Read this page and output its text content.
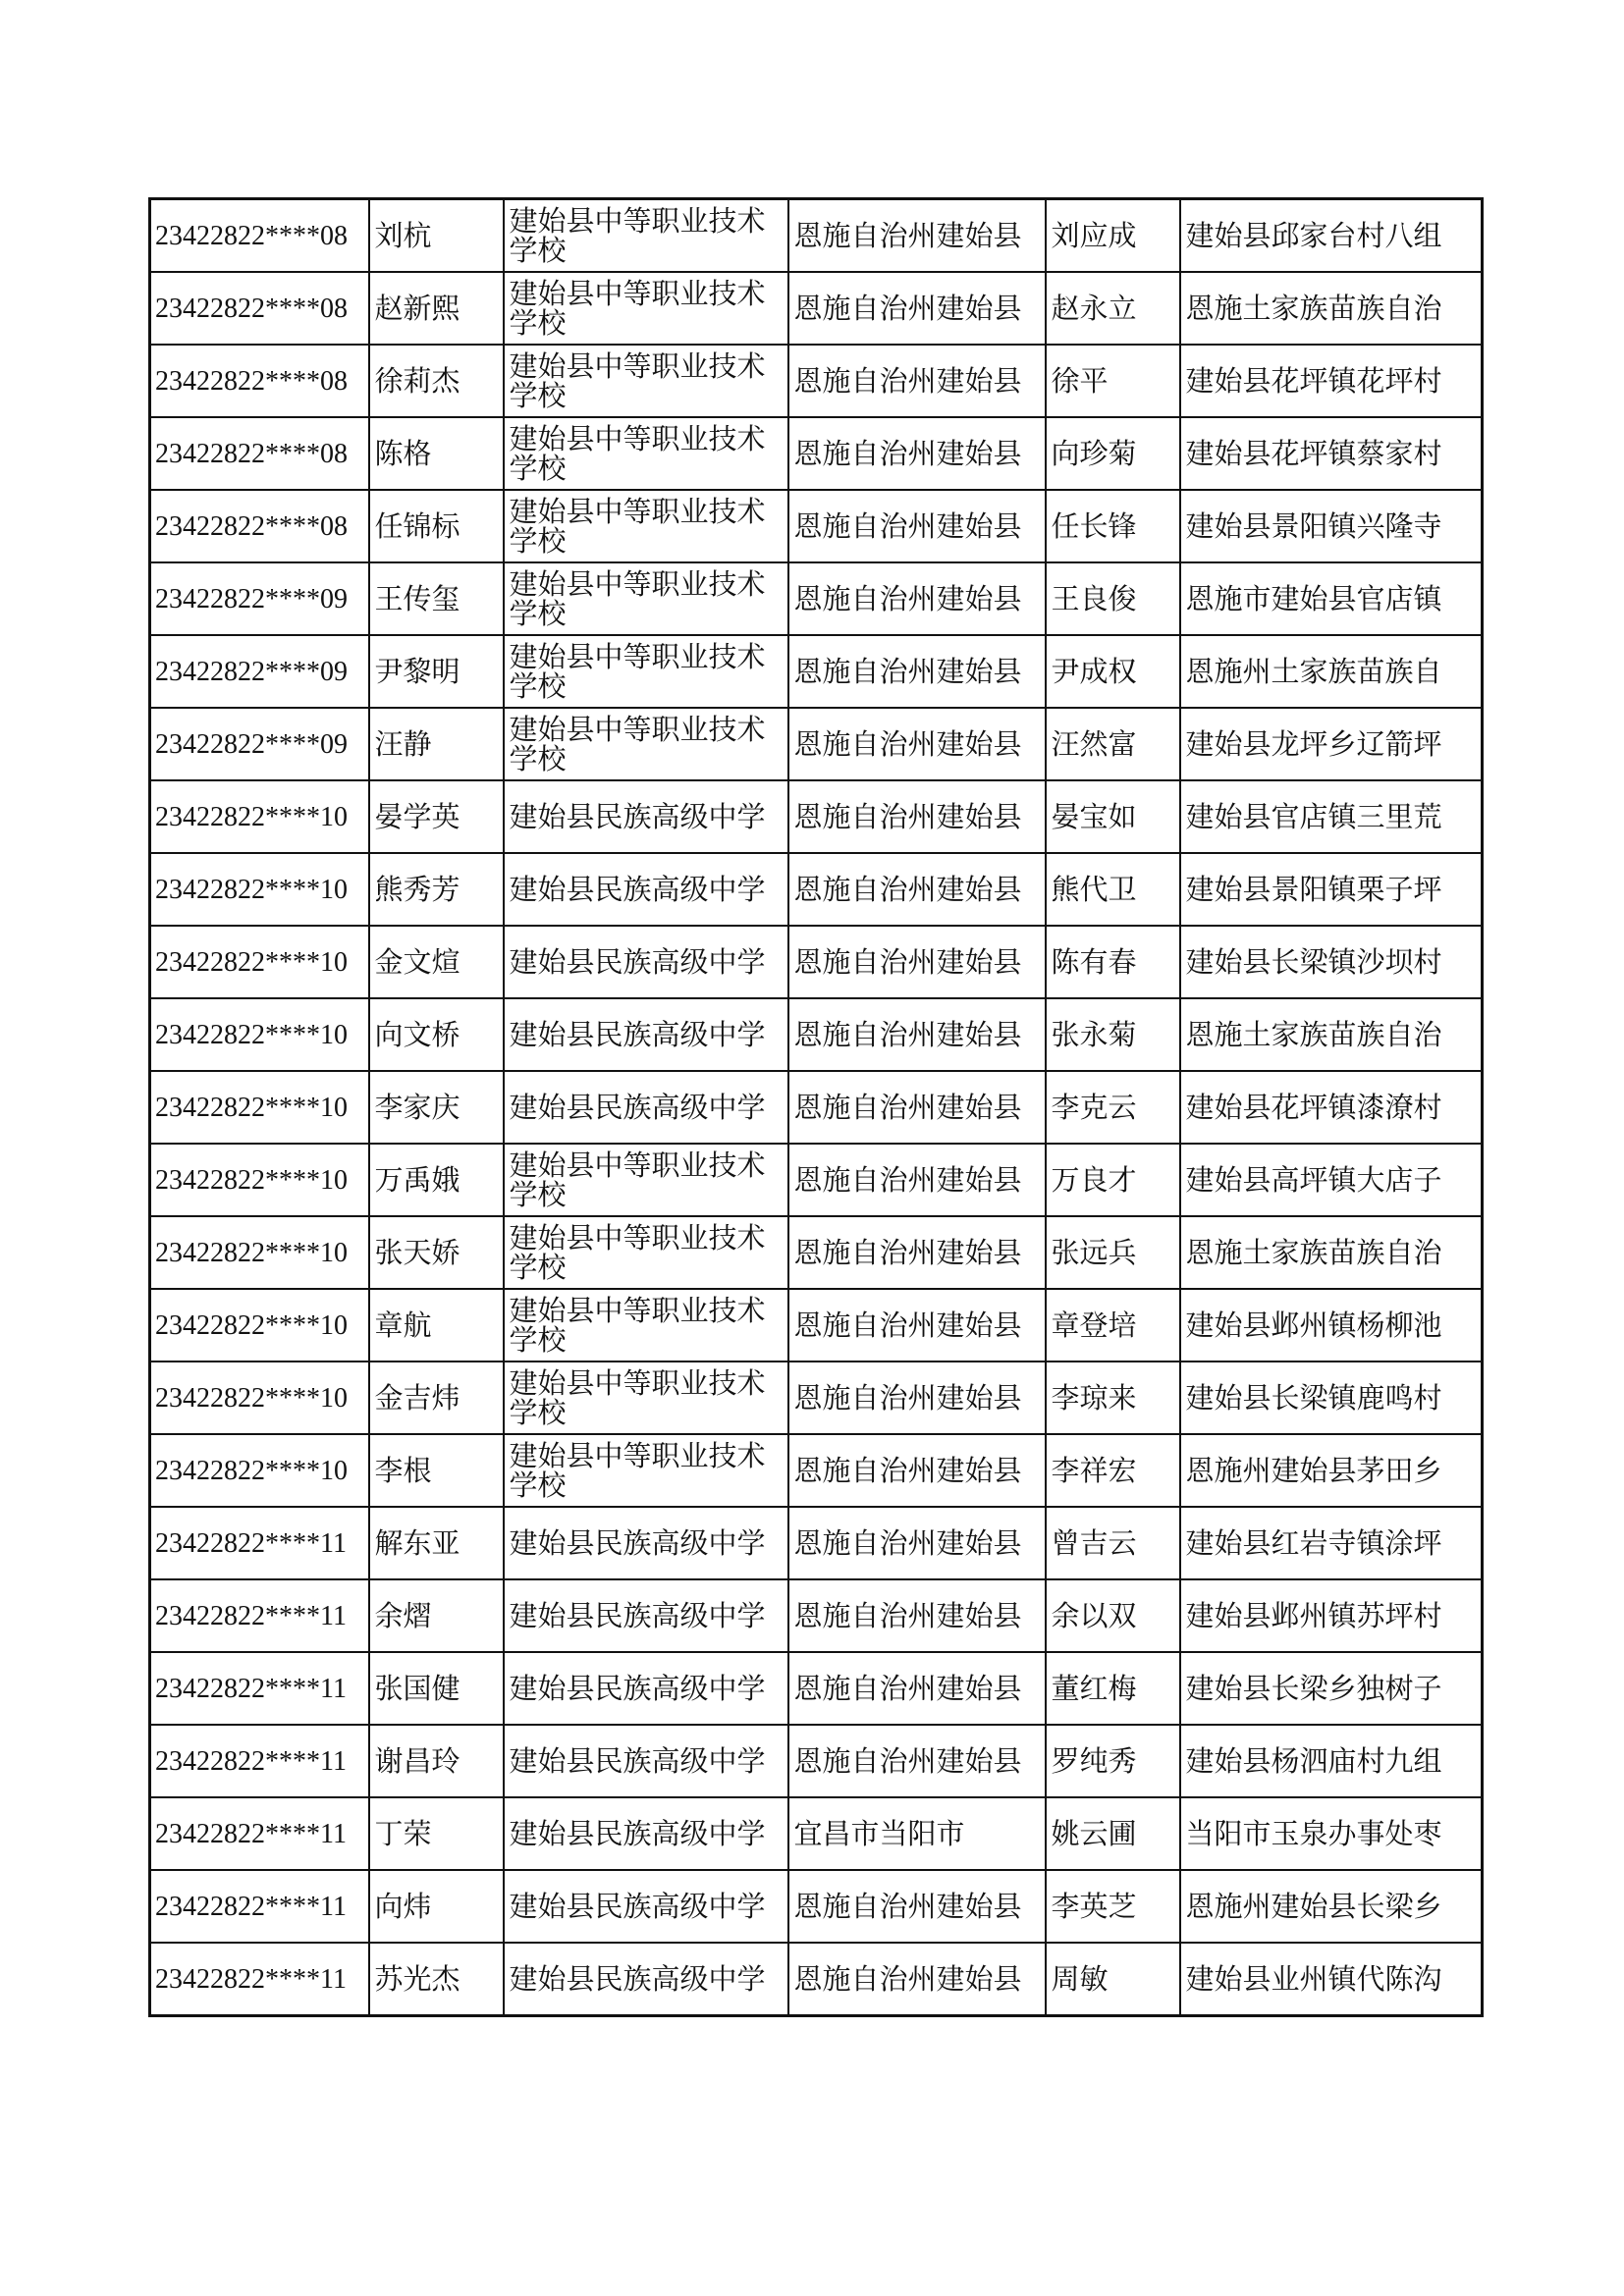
23422822****08	刘杭	建始县中等职业技术学校	恩施自治州建始县	刘应成	建始县邱家台村八组
23422822****08	赵新熙	建始县中等职业技术学校	恩施自治州建始县	赵永立	恩施土家族苗族自治
23422822****08	徐莉杰	建始县中等职业技术学校	恩施自治州建始县	徐平	建始县花坪镇花坪村
23422822****08	陈格	建始县中等职业技术学校	恩施自治州建始县	向珍菊	建始县花坪镇蔡家村
23422822****08	任锦标	建始县中等职业技术学校	恩施自治州建始县	任长锋	建始县景阳镇兴隆寺
23422822****09	王传玺	建始县中等职业技术学校	恩施自治州建始县	王良俊	恩施市建始县官店镇
23422822****09	尹黎明	建始县中等职业技术学校	恩施自治州建始县	尹成权	恩施州土家族苗族自
23422822****09	汪静	建始县中等职业技术学校	恩施自治州建始县	汪然富	建始县龙坪乡辽箭坪
23422822****10	晏学英	建始县民族高级中学	恩施自治州建始县	晏宝如	建始县官店镇三里荒
23422822****10	熊秀芳	建始县民族高级中学	恩施自治州建始县	熊代卫	建始县景阳镇栗子坪
23422822****10	金文煊	建始县民族高级中学	恩施自治州建始县	陈有春	建始县长梁镇沙坝村
23422822****10	向文桥	建始县民族高级中学	恩施自治州建始县	张永菊	恩施土家族苗族自治
23422822****10	李家庆	建始县民族高级中学	恩施自治州建始县	李克云	建始县花坪镇漆潦村
23422822****10	万禹娥	建始县中等职业技术学校	恩施自治州建始县	万良才	建始县高坪镇大店子
23422822****10	张天娇	建始县中等职业技术学校	恩施自治州建始县	张远兵	恩施土家族苗族自治
23422822****10	章航	建始县中等职业技术学校	恩施自治州建始县	章登培	建始县邺州镇杨柳池
23422822****10	金吉炜	建始县中等职业技术学校	恩施自治州建始县	李琼来	建始县长梁镇鹿鸣村
23422822****10	李根	建始县中等职业技术学校	恩施自治州建始县	李祥宏	恩施州建始县茅田乡
23422822****11	解东亚	建始县民族高级中学	恩施自治州建始县	曾吉云	建始县红岩寺镇涂坪
23422822****11	余熠	建始县民族高级中学	恩施自治州建始县	余以双	建始县邺州镇苏坪村
23422822****11	张国健	建始县民族高级中学	恩施自治州建始县	董红梅	建始县长梁乡独树子
23422822****11	谢昌玲	建始县民族高级中学	恩施自治州建始县	罗纯秀	建始县杨泗庙村九组
23422822****11	丁荣	建始县民族高级中学	宜昌市当阳市	姚云圃	当阳市玉泉办事处枣
23422822****11	向炜	建始县民族高级中学	恩施自治州建始县	李英芝	恩施州建始县长梁乡
23422822****11	苏光杰	建始县民族高级中学	恩施自治州建始县	周敏	建始县业州镇代陈沟
